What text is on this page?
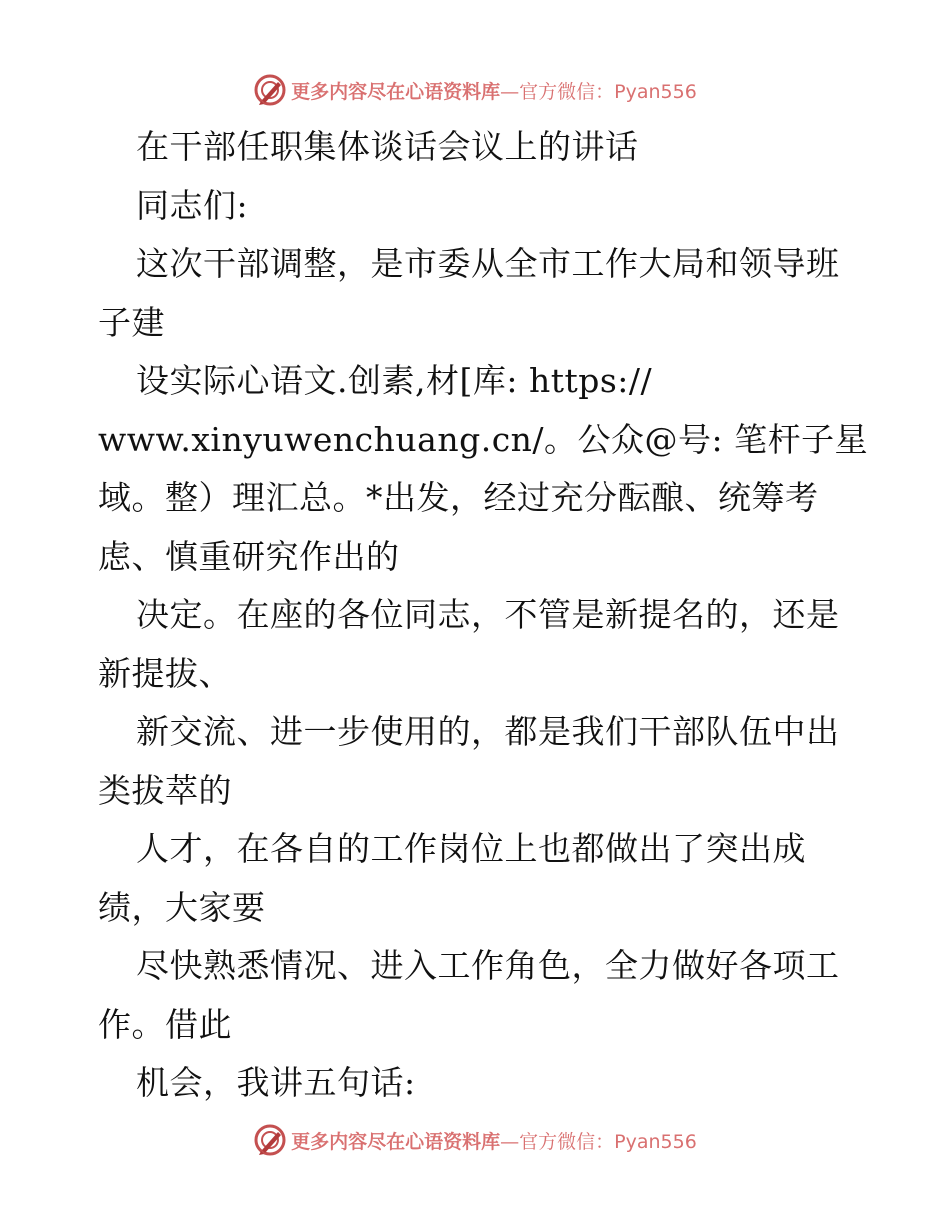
更多内容尽在心语资料库—官方微信：Pyan556
在干部任职集体谈话会议上的讲话
同志们:
这次干部调整，是市委从全市工作大局和领导班
子建
设实际心语文.创素,材[库: https://
www.xinyuwenchuang.cn/。公众@号: 笔杆子星
域。整）理汇总。*出发，经过充分酝酿、统筹考
虑、慎重研究作出的
决定。在座的各位同志，不管是新提名的，还是
新提拔、
新交流、进一步使用的，都是我们干部队伍中出
类拔萃的
人才，在各自的工作岗位上也都做出了突出成
绩，大家要
尽快熟悉情况、进入工作角色，全力做好各项工
作。借此
机会，我讲五句话:
更多内容尽在心语资料库—官方微信：Pyan556
